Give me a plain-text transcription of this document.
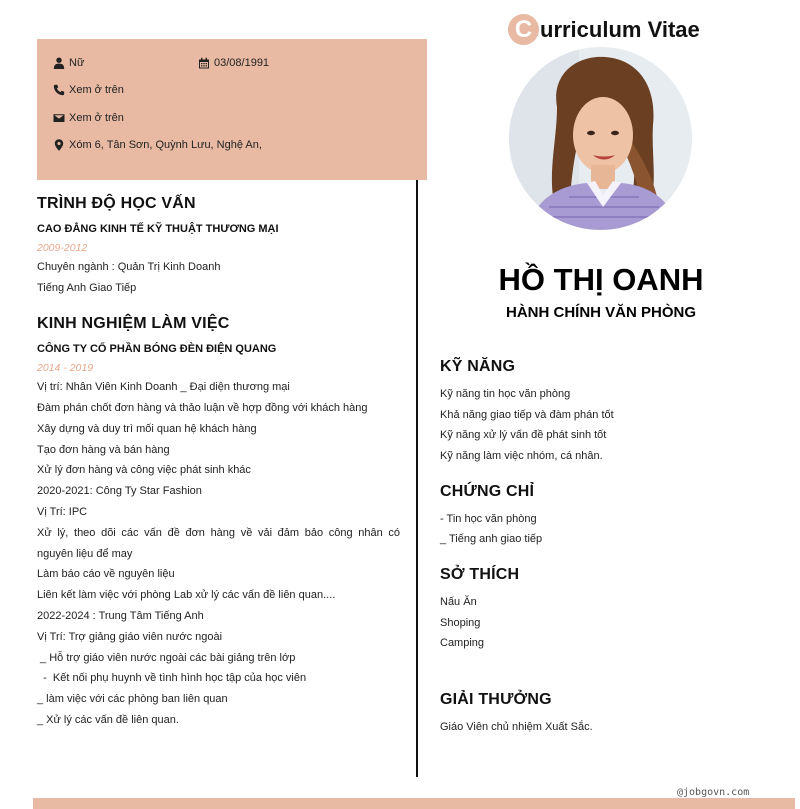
Nữ	03/08/1991
Xem ở trên
Xem ở trên
Xóm 6, Tân Sơn, Quỳnh Lưu, Nghệ An,
TRÌNH ĐỘ HỌC VẤN
CAO ĐẲNG KINH TẾ KỸ THUẬT THƯƠNG MẠI
2009-2012
Chuyên ngành : Quản Trị Kinh Doanh
Tiếng Anh Giao Tiếp
KINH NGHIỆM LÀM VIỆC
CÔNG TY CỔ PHẦN BÓNG ĐÈN ĐIỆN QUANG
2014 - 2019
Vị trí: Nhân Viên Kinh Doanh _ Đại diện thương mại
Đàm phán chốt đơn hàng và thảo luận về hợp đồng với khách hàng
Xây dựng và duy trì mối quan hệ khách hàng
Tạo đơn hàng và bán hàng
Xử lý đơn hàng và công việc phát sinh khác
2020-2021: Công Ty Star Fashion
Vị Trí: IPC
Xử lý, theo dõi các vấn đề đơn hàng về vải đảm bảo công nhân có
nguyên liệu để may
Làm báo cáo về nguyên liệu
Liên kết làm việc với phòng Lab xử lý các vấn đề liên quan....
2022-2024 : Trung Tâm Tiếng Anh
Vị Trí: Trợ giảng giáo viên nước ngoài
_ Hỗ trợ giáo viên nước ngoài các bài giảng trên lớp
-  Kết nối phụ huynh về tình hình học tập của học viên
_ làm việc với các phòng ban liên quan
_ Xử lý các vấn đề liên quan.
C urriculum Vitae
HỒ THỊ OANH
HÀNH CHÍNH VĂN PHÒNG
KỸ NĂNG
Kỹ năng tin học văn phòng
Khả năng giao tiếp và đàm phán tốt
Kỹ năng xử lý vấn đề phát sinh tốt
Kỹ năng làm việc nhóm, cá nhân.
CHỨNG CHỈ
- Tin học văn phòng
_ Tiếng anh giao tiếp
SỞ THÍCH
Nấu Ăn
Shoping
Camping
GIẢI THƯỞNG
Giáo Viên chủ nhiệm Xuất Sắc.
@jobgovn.com
